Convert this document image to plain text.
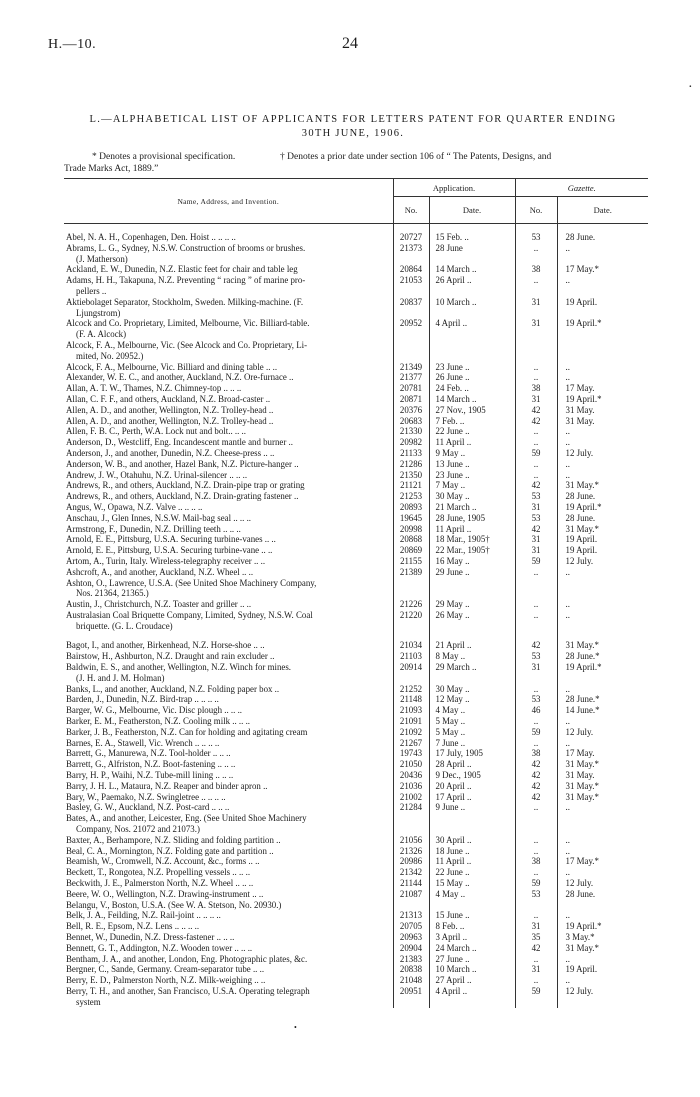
H.—10.	24
·
L.—ALPHABETICAL LIST OF APPLICANTS FOR LETTERS PATENT FOR QUARTER ENDING
30TH JUNE, 1906.
* Denotes a provisional specification.	† Denotes a prior date under section 106 of “ The Patents, Designs, and
Trade Marks Act, 1889.”
Name, Address, and Invention.	Application.		Gazette.	
	No.	Date.	No.	Date.

Abel, N. A. H., Copenhagen, Den. Hoist .. .. .. ..	20727	15 Feb. ..	53	28 June.
Abrams, L. G., Sydney, N.S.W. Construction of brooms or brushes.	21373	28 June	..	..
(J. Matherson)				
Ackland, E. W., Dunedin, N.Z. Elastic feet for chair and table leg	20864	14 March ..	38	17 May.*
Adams, H. H., Takapuna, N.Z. Preventing “ racing ” of marine pro-	21053	26 April ..	..	..
pellers ..				
Aktiebolaget Separator, Stockholm, Sweden. Milking-machine. (F.	20837	10 March ..	31	19 April.
Ljungstrom)				
Alcock and Co. Proprietary, Limited, Melbourne, Vic. Billiard-table.	20952	4 April ..	31	19 April.*
(F. A. Alcock)				
Alcock, F. A., Melbourne, Vic. (See Alcock and Co. Proprietary, Li-				
mited, No. 20952.)				
Alcock, F. A., Melbourne, Vic. Billiard and dining table .. ..	21349	23 June ..	..	..
Alexander, W. E. C., and another, Auckland, N.Z. Ore-furnace ..	21377	26 June ..	..	..
Allan, A. T. W., Thames, N.Z. Chimney-top .. .. ..	20781	24 Feb. ..	38	17 May.
Allan, C. F. F., and others, Auckland, N.Z. Broad-caster ..	20871	14 March ..	31	19 April.*
Allen, A. D., and another, Wellington, N.Z. Trolley-head ..	20376	27 Nov., 1905	42	31 May.
Allen, A. D., and another, Wellington, N.Z. Trolley-head ..	20683	7 Feb. ..	42	31 May.
Allen, F. B. C., Perth, W.A. Lock nut and bolt.. .. ..	21330	22 June ..	..	..
Anderson, D., Westcliff, Eng. Incandescent mantle and burner ..	20982	11 April ..	..	..
Anderson, J., and another, Dunedin, N.Z. Cheese-press .. ..	21133	9 May ..	59	12 July.
Anderson, W. B., and another, Hazel Bank, N.Z. Picture-hanger ..	21286	13 June ..	..	..
Andrew, J. W., Otahuhu, N.Z. Urinal-silencer .. .. ..	21350	23 June ..	..	..
Andrews, R., and others, Auckland, N.Z. Drain-pipe trap or grating	21121	7 May ..	42	31 May.*
Andrews, R., and others, Auckland, N.Z. Drain-grating fastener ..	21253	30 May ..	53	28 June.
Angus, W., Opawa, N.Z. Valve .. .. .. ..	20893	21 March ..	31	19 April.*
Anschau, J., Glen Innes, N.S.W. Mail-bag seal .. .. ..	19645	28 June, 1905	53	28 June.
Armstrong, F., Dunedin, N.Z. Drilling teeth .. .. ..	20998	11 April ..	42	31 May.*
Arnold, E. E., Pittsburg, U.S.A. Securing turbine-vanes .. ..	20868	18 Mar., 1905†	31	19 April.
Arnold, E. E., Pittsburg, U.S.A. Securing turbine-vane .. ..	20869	22 Mar., 1905†	31	19 April.
Artom, A., Turin, Italy. Wireless-telegraphy receiver .. ..	21155	16 May ..	59	12 July.
Ashcroft, A., and another, Auckland, N.Z. Wheel .. ..	21389	29 June ..	..	..
Ashton, O., Lawrence, U.S.A. (See United Shoe Machinery Company,				
Nos. 21364, 21365.)				
Austin, J., Christchurch, N.Z. Toaster and griller .. ..	21226	29 May ..	..	..
Australasian Coal Briquette Company, Limited, Sydney, N.S.W. Coal	21220	26 May ..	..	..
briquette. (G. L. Croudace)				

Bagot, I., and another, Birkenhead, N.Z. Horse-shoe .. ..	21034	21 April ..	42	31 May.*
Bairstow, H., Ashburton, N.Z. Draught and rain excluder ..	21103	8 May ..	53	28 June.*
Baldwin, E. S., and another, Wellington, N.Z. Winch for mines.	20914	29 March ..	31	19 April.*
(J. H. and J. M. Holman)				
Banks, L., and another, Auckland, N.Z. Folding paper box ..	21252	30 May ..	..	..
Barden, J., Dunedin, N.Z. Bird-trap .. .. .. ..	21148	12 May ..	53	28 June.*
Barger, W. G., Melbourne, Vic. Disc plough .. .. ..	21093	4 May ..	46	14 June.*
Barker, E. M., Featherston, N.Z. Cooling milk .. .. ..	21091	5 May ..	..	..
Barker, J. B., Featherston, N.Z. Can for holding and agitating cream	21092	5 May ..	59	12 July.
Barnes, E. A., Stawell, Vic. Wrench .. .. .. ..	21267	7 June ..	..	..
Barrett, G., Manurewa, N.Z. Tool-holder .. .. ..	19743	17 July, 1905	38	17 May.
Barrett, G., Alfriston, N.Z. Boot-fastening .. .. ..	21050	28 April ..	42	31 May.*
Barry, H. P., Waihi, N.Z. Tube-mill lining .. .. ..	20436	9 Dec., 1905	42	31 May.
Barry, J. H. L., Mataura, N.Z. Reaper and binder apron ..	21036	20 April ..	42	31 May.*
Bary, W., Paemako, N.Z. Swingletree .. .. .. ..	21002	17 April ..	42	31 May.*
Basley, G. W., Auckland, N.Z. Post-card .. .. ..	21284	9 June ..	..	..
Bates, A., and another, Leicester, Eng. (See United Shoe Machinery				
Company, Nos. 21072 and 21073.)				
Baxter, A., Berhampore, N.Z. Sliding and folding partition ..	21056	30 April ..	..	..
Beal, C. A., Mornington, N.Z. Folding gate and partition ..	21326	18 June ..	..	..
Beamish, W., Cromwell, N.Z. Account, &c., forms .. ..	20986	11 April ..	38	17 May.*
Beckett, T., Rongotea, N.Z. Propelling vessels .. .. ..	21342	22 June ..	..	..
Beckwith, J. E., Palmerston North, N.Z. Wheel .. .. ..	21144	15 May ..	59	12 July.
Beere, W. O., Wellington, N.Z. Drawing-instrument .. ..	21087	4 May ..	53	28 June.
Belangu, V., Boston, U.S.A. (See W. A. Stetson, No. 20930.)				
Belk, J. A., Feilding, N.Z. Rail-joint .. .. .. ..	21313	15 June ..	..	..
Bell, R. E., Epsom, N.Z. Lens .. .. .. ..	20705	8 Feb. ..	31	19 April.*
Bennet, W., Dunedin, N.Z. Dress-fastener .. .. ..	20963	3 April ..	35	3 May.*
Bennett, G. T., Addington, N.Z. Wooden tower .. .. ..	20904	24 March ..	42	31 May.*
Bentham, J. A., and another, London, Eng. Photographic plates, &c.	21383	27 June ..	..	..
Bergner, C., Sande, Germany. Cream-separator tube .. ..	20838	10 March ..	31	19 April.
Berry, E. D., Palmerston North, N.Z. Milk-weighing .. ..	21048	27 April ..	..	..
Berry, T. H., and another, San Francisco, U.S.A. Operating telegraph	20951	4 April ..	59	12 July.
system				
•
